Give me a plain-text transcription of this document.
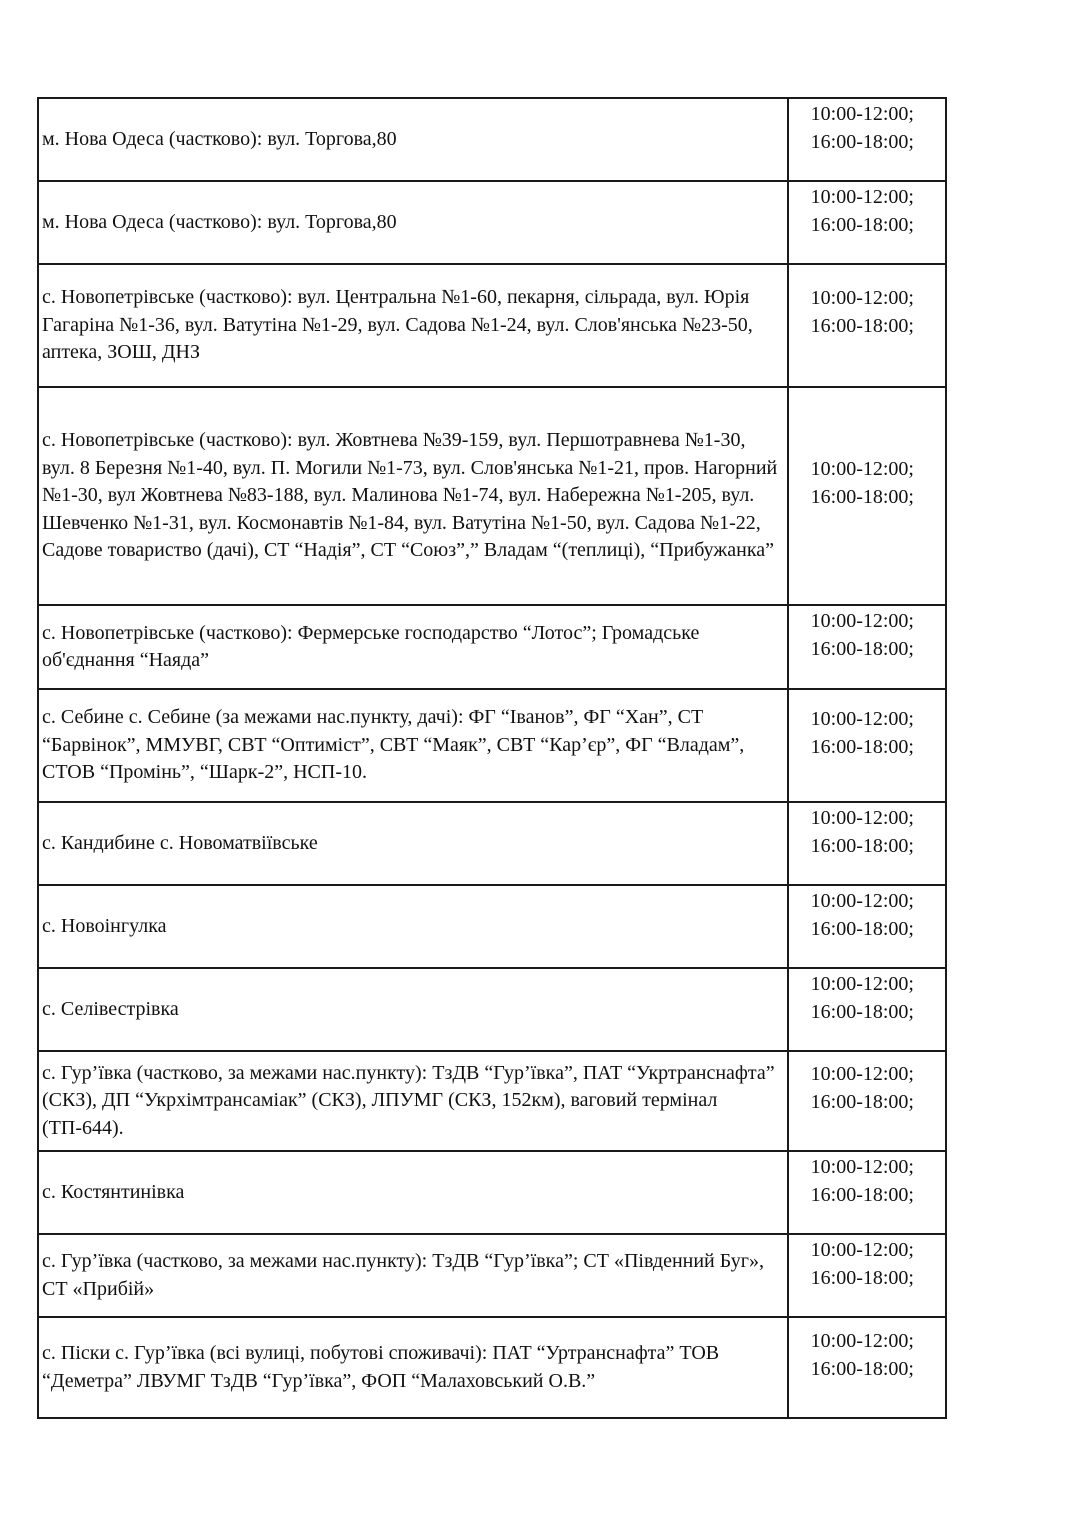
м. Нова Одеса (частково): вул. Торгова,80	10:00-12:00;
16:00-18:00;

м. Нова Одеса (частково): вул. Торгова,80	10:00-12:00;
16:00-18:00;

с. Новопетрівське (частково): вул. Центральна №1-60, пекарня, сільрада, вул. Юрія Гагаріна №1-36, вул. Ватутіна №1-29, вул. Садова №1-24, вул. Слов'янська №23-50, аптека, ЗОШ, ДНЗ	10:00-12:00;
16:00-18:00;

с. Новопетрівське (частково): вул. Жовтнева №39-159, вул. Першотравнева №1-30, вул. 8 Березня №1-40, вул. П. Могили №1-73, вул. Слов'янська №1-21, пров. Нагорний №1-30, вул Жовтнева №83-188, вул. Малинова №1-74, вул. Набережна №1-205, вул. Шевченко №1-31, вул. Космонавтів №1-84, вул. Ватутіна №1-50, вул. Садова №1-22, Садове товариство (дачі), СТ “Надія”, СТ “Союз”,” Владам “(теплиці), “Прибужанка”	10:00-12:00;
16:00-18:00;

с. Новопетрівське (частково): Фермерське господарство “Лотос”; Громадське об'єднання “Наяда”	10:00-12:00;
16:00-18:00;

с. Себине с. Себине (за межами нас.пункту, дачі): ФГ “Іванов”, ФГ “Хан”, СТ “Барвінок”, ММУВГ, СВТ “Оптиміст”, СВТ “Маяк”, СВТ “Кар’єр”, ФГ “Владам”, СТОВ “Промінь”, “Шарк-2”, НСП-10.	10:00-12:00;
16:00-18:00;

с. Кандибине с. Новоматвіївське	10:00-12:00;
16:00-18:00;

с. Новоінгулка	10:00-12:00;
16:00-18:00;

с. Селівестрівка	10:00-12:00;
16:00-18:00;

с. Гур’ївка (частково, за межами нас.пункту): ТзДВ “Гур’ївка”, ПАТ “Укртранснафта” (СКЗ), ДП “Укрхімтрансаміак” (СКЗ), ЛПУМГ (СКЗ, 152км), ваговий термінал (ТП-644).	10:00-12:00;
16:00-18:00;

с. Костянтинівка	10:00-12:00;
16:00-18:00;

с. Гур’ївка (частково, за межами нас.пункту): ТзДВ “Гур’ївка”; СТ «Південний Буг», СТ «Прибій»	10:00-12:00;
16:00-18:00;

с. Піски с. Гур’ївка (всі вулиці, побутові споживачі): ПАТ “Уртранснафта” ТОВ “Деметра” ЛВУМГ ТзДВ “Гур’ївка”, ФОП “Малаховський О.В.”	10:00-12:00;
16:00-18:00;
